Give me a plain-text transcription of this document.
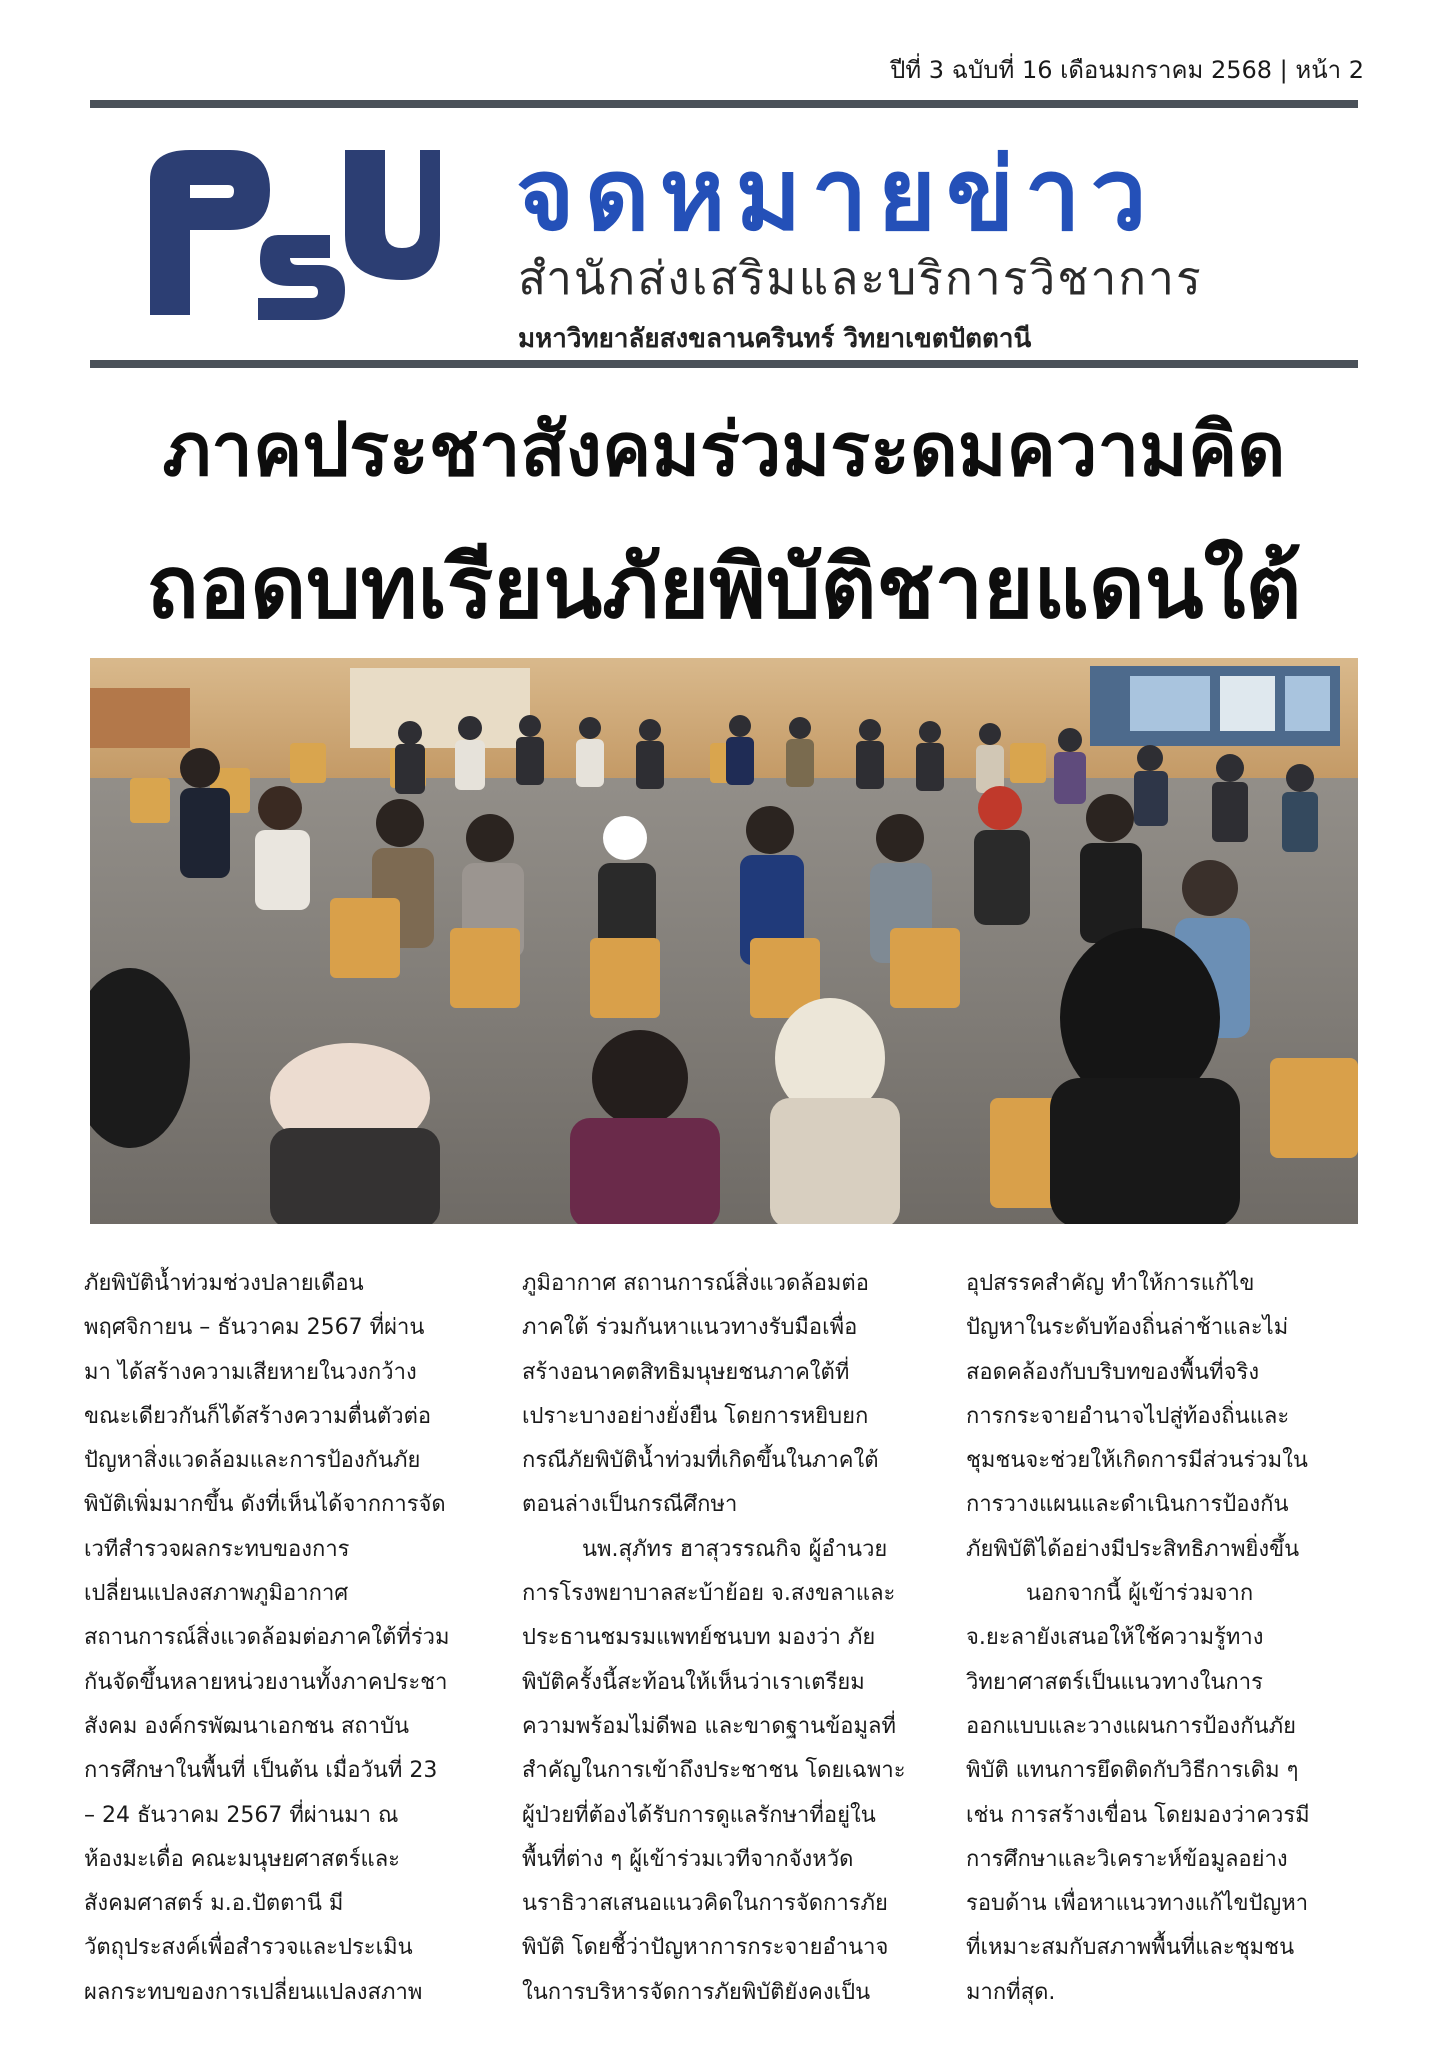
ปีที่ 3 ฉบับที่ 16 เดือนมกราคม 2568 | หน้า 2
จดหมายข่าว
สำนักส่งเสริมและบริการวิชาการ
มหาวิทยาลัยสงขลานครินทร์ วิทยาเขตปัตตานี
ภาคประชาสังคมร่วมระดมความคิด
ถอดบทเรียนภัยพิบัติชายแดนใต้
ภัยพิบัติน้ำท่วมช่วงปลายเดือน
พฤศจิกายน – ธันวาคม 2567 ที่ผ่าน
มา ได้สร้างความเสียหายในวงกว้าง
ขณะเดียวกันก็ได้สร้างความตื่นตัวต่อ
ปัญหาสิ่งแวดล้อมและการป้องกันภัย
พิบัติเพิ่มมากขึ้น ดังที่เห็นได้จากการจัด
เวทีสำรวจผลกระทบของการ
เปลี่ยนแปลงสภาพภูมิอากาศ
สถานการณ์สิ่งแวดล้อมต่อภาคใต้ที่ร่วม
กันจัดขึ้นหลายหน่วยงานทั้งภาคประชา
สังคม องค์กรพัฒนาเอกชน สถาบัน
การศึกษาในพื้นที่ เป็นต้น เมื่อวันที่ 23
– 24 ธันวาคม 2567 ที่ผ่านมา ณ
ห้องมะเดื่อ คณะมนุษยศาสตร์และ
สังคมศาสตร์ ม.อ.ปัตตานี มี
วัตถุประสงค์เพื่อสำรวจและประเมิน
ผลกระทบของการเปลี่ยนแปลงสภาพ
ภูมิอากาศ สถานการณ์สิ่งแวดล้อมต่อ
ภาคใต้ ร่วมกันหาแนวทางรับมือเพื่อ
สร้างอนาคตสิทธิมนุษยชนภาคใต้ที่
เปราะบางอย่างยั่งยืน โดยการหยิบยก
กรณีภัยพิบัติน้ำท่วมที่เกิดขึ้นในภาคใต้
ตอนล่างเป็นกรณีศึกษา
นพ.สุภัทร ฮาสุวรรณกิจ ผู้อำนวย
การโรงพยาบาลสะบ้าย้อย จ.สงขลาและ
ประธานชมรมแพทย์ชนบท มองว่า ภัย
พิบัติครั้งนี้สะท้อนให้เห็นว่าเราเตรียม
ความพร้อมไม่ดีพอ และขาดฐานข้อมูลที่
สำคัญในการเข้าถึงประชาชน โดยเฉพาะ
ผู้ป่วยที่ต้องได้รับการดูแลรักษาที่อยู่ใน
พื้นที่ต่าง ๆ ผู้เข้าร่วมเวทีจากจังหวัด
นราธิวาสเสนอแนวคิดในการจัดการภัย
พิบัติ โดยชี้ว่าปัญหาการกระจายอำนาจ
ในการบริหารจัดการภัยพิบัติยังคงเป็น
อุปสรรคสำคัญ ทำให้การแก้ไข
ปัญหาในระดับท้องถิ่นล่าช้าและไม่
สอดคล้องกับบริบทของพื้นที่จริง
การกระจายอำนาจไปสู่ท้องถิ่นและ
ชุมชนจะช่วยให้เกิดการมีส่วนร่วมใน
การวางแผนและดำเนินการป้องกัน
ภัยพิบัติได้อย่างมีประสิทธิภาพยิ่งขึ้น
นอกจากนี้ ผู้เข้าร่วมจาก
จ.ยะลายังเสนอให้ใช้ความรู้ทาง
วิทยาศาสตร์เป็นแนวทางในการ
ออกแบบและวางแผนการป้องกันภัย
พิบัติ แทนการยึดติดกับวิธีการเดิม ๆ
เช่น การสร้างเขื่อน โดยมองว่าควรมี
การศึกษาและวิเคราะห์ข้อมูลอย่าง
รอบด้าน เพื่อหาแนวทางแก้ไขปัญหา
ที่เหมาะสมกับสภาพพื้นที่และชุมชน
มากที่สุด.
